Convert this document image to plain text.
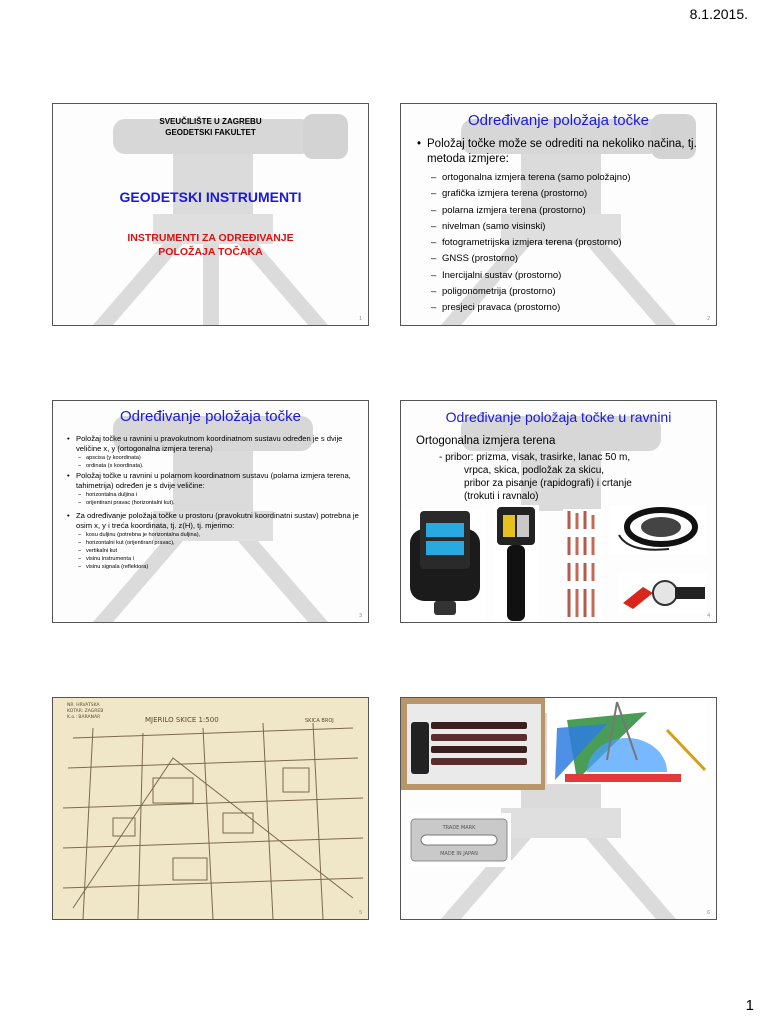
8.1.2015.
SVEUČILIŠTE U ZAGREBU
GEODETSKI FAKULTET
GEODETSKI INSTRUMENTI
INSTRUMENTI ZA ODREĐIVANJE
POLOŽAJA TOČAKA
1
Određivanje položaja točke
• Položaj točke može se odrediti na nekoliko načina, tj. metoda izmjere:
– ortogonalna izmjera terena (samo položajno)
– grafička izmjera terena (prostorno)
– polarna izmjera terena (prostorno)
– nivelman (samo visinski)
– fotogrametrijska izmjera terena (prostorno)
– GNSS (prostorno)
– Inercijalni sustav (prostorno)
– poligonometrija (prostorno)
– presjeci pravaca (prostorno)
2
Određivanje položaja točke
• Položaj točke u ravnini u pravokutnom koordinatnom sustavu određen je s dvije veličine x, y (ortogonalna izmjera terena)
– apscisa (y koordinata)
– ordinata (x koordinata).
• Položaj točke u ravnini u polarnom koordinatnom sustavu (polarna izmjera terena, tahimetrija) određen je s dvije veličine:
– horizontalna duljina i
– orijentirani pravac (horizontalni kut).
• Za određivanje položaja točke u prostoru (pravokutni koordinatni sustav) potrebna je osim x, y i treća koordinata, tj. z(H), tj. mjerimo:
– kosu duljinu (potrebna je horizontalna duljina),
– horizontalni kut (orijentirani pravac),
– vertikalni kut
– visinu instrumenta i
– visinu signala (reflektora)
3
Određivanje položaja točke u ravnini
Ortogonalna izmjera terena
- pribor: prizma, visak, trasirke, lanac 50 m,
vrpca, skica, podložak za skicu,
pribor za pisanje (rapidografi) i crtanje
(trokuti i ravnalo)
4
NR. HRVATSKA
KOTAR: ZAGREB
K.o.: BARANAR	MJERILO SKICE 1:500	SKICA BROJ
5
TRADE MARK
MADE IN JAPAN
6
1
